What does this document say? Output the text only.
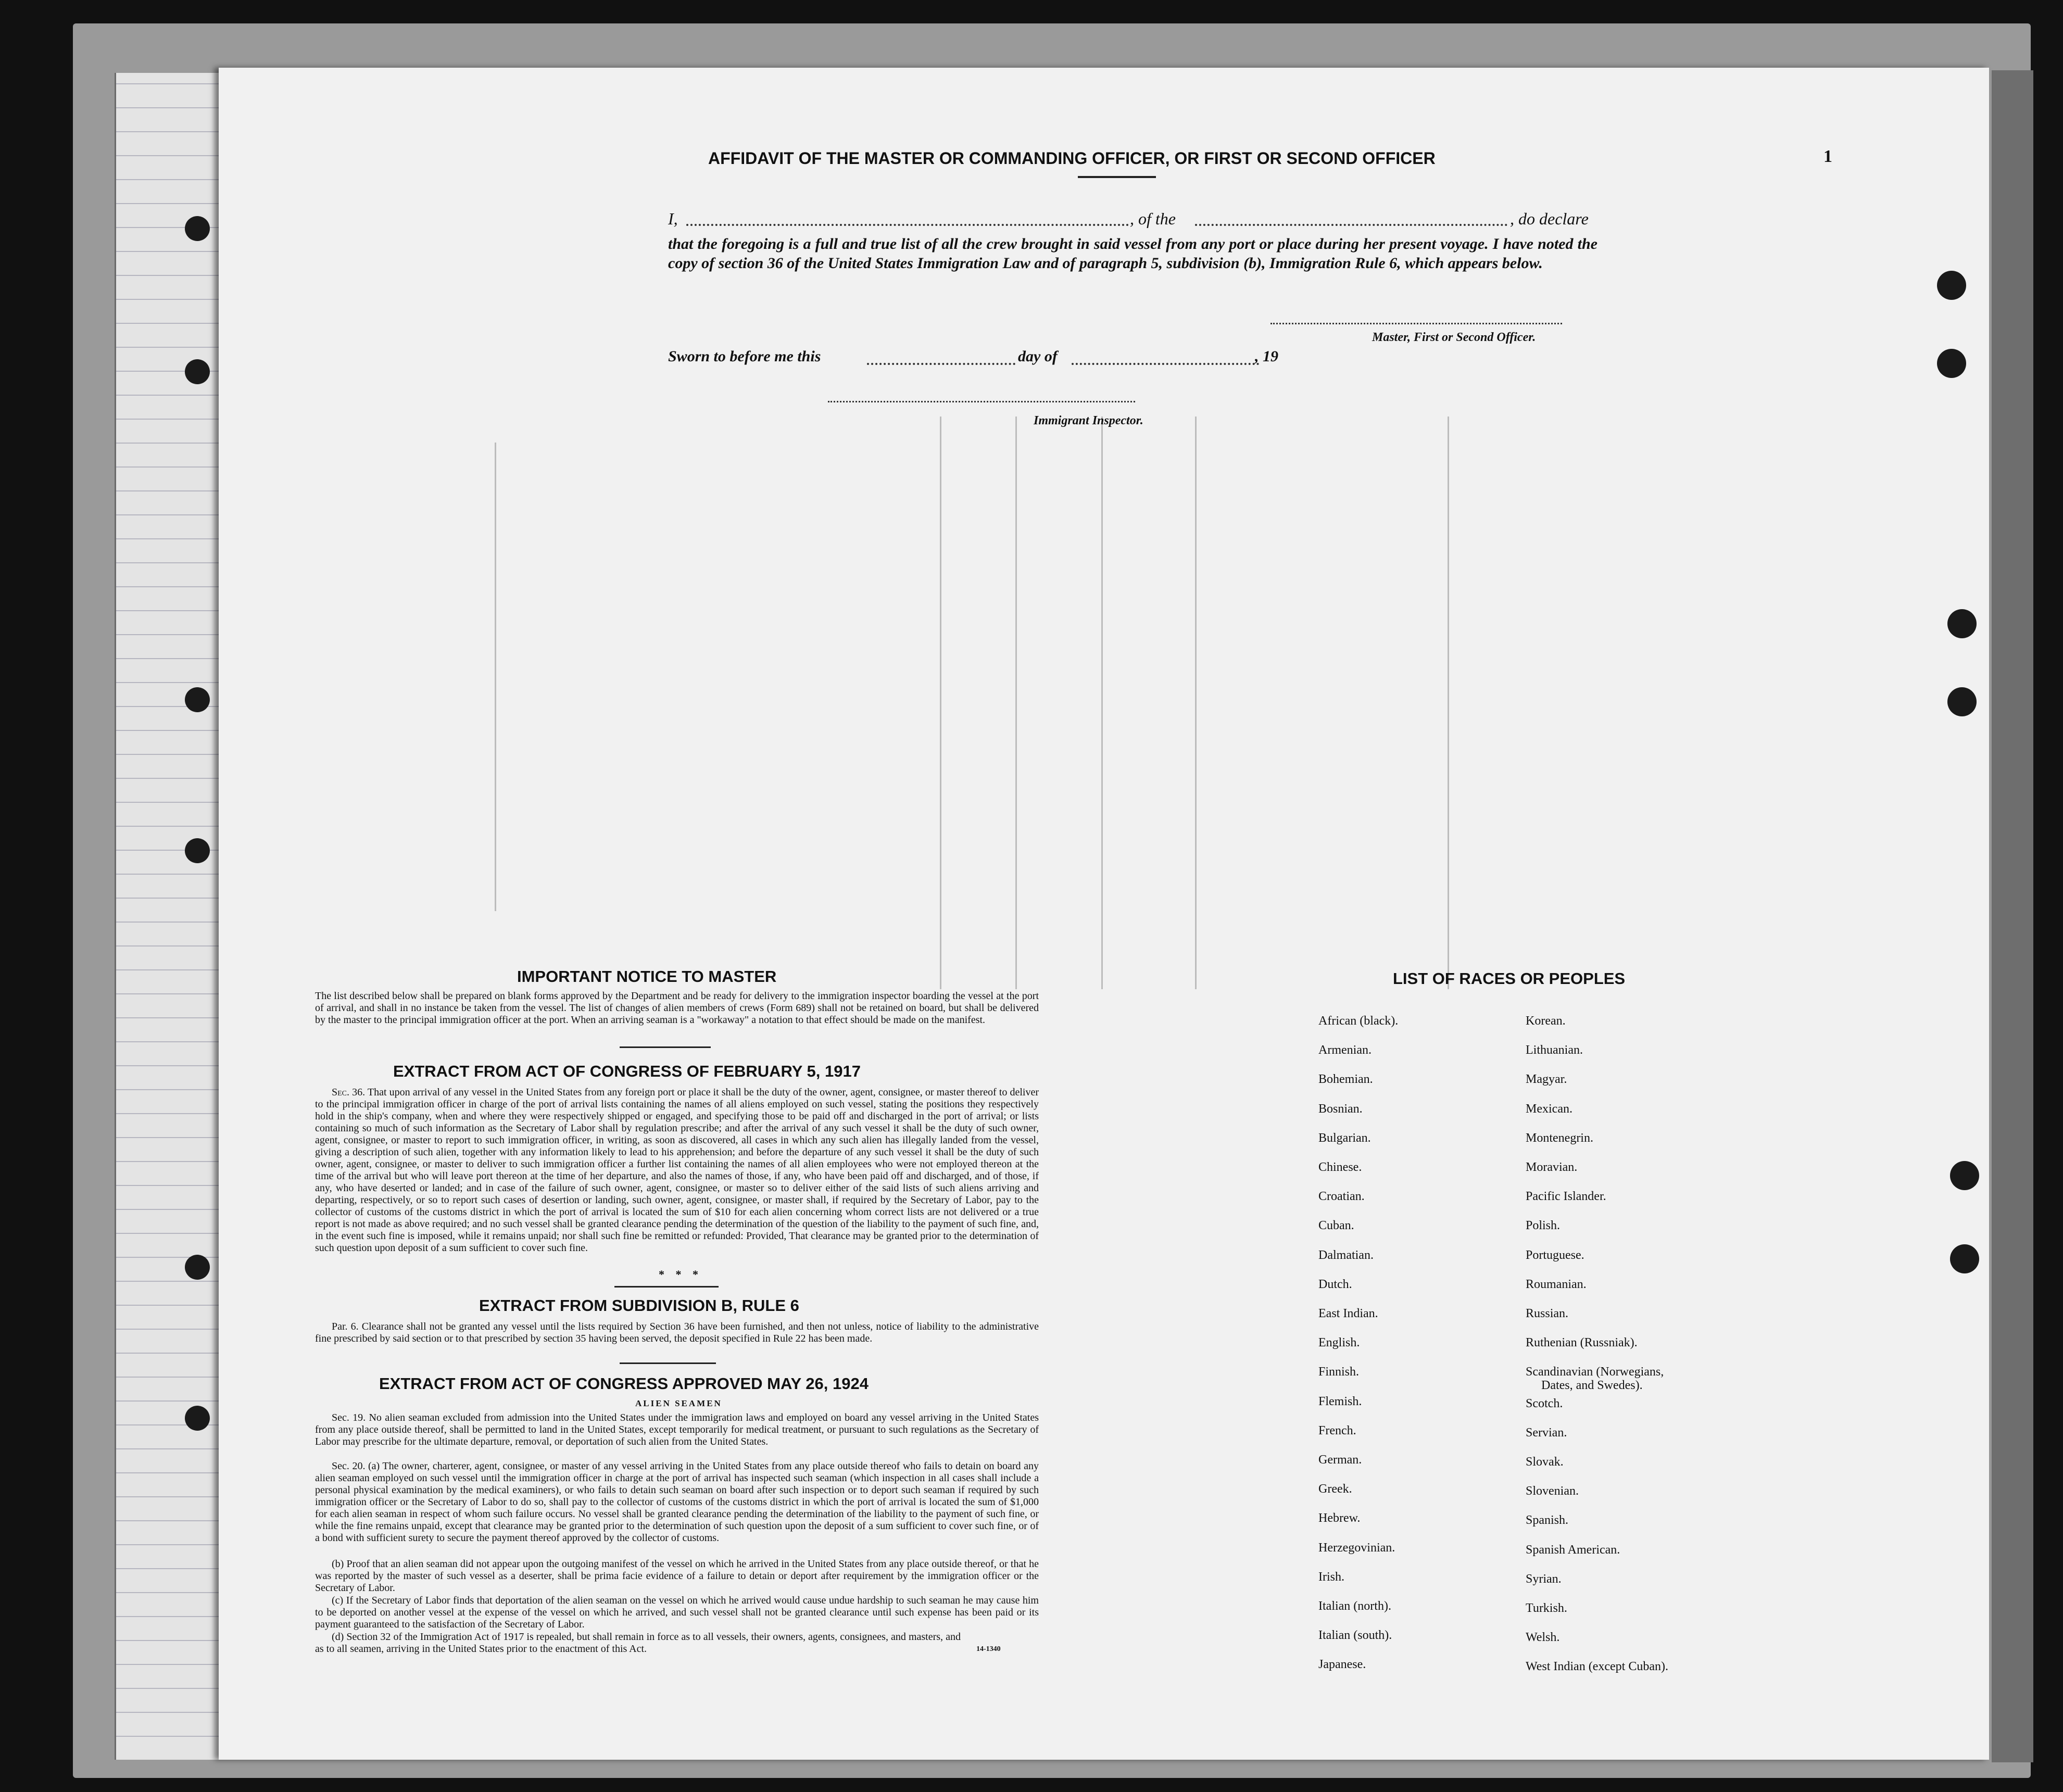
AFFIDAVIT OF THE MASTER OR COMMANDING OFFICER, OR FIRST OR SECOND OFFICER	1
I,	, of the	, do declare
that the foregoing is a full and true list of all the crew brought in said vessel from any port or place during her present voyage. I have noted the copy of section 36 of the United States Immigration Law and of paragraph 5, subdivision (b), Immigration Rule 6, which appears below.
Master, First or Second Officer.
Sworn to before me this	day of	, 19
Immigrant Inspector.
IMPORTANT NOTICE TO MASTER
The list described below shall be prepared on blank forms approved by the Department and be ready for delivery to the immigration inspector boarding the vessel at the port of arrival, and shall in no instance be taken from the vessel. The list of changes of alien members of crews (Form 689) shall not be retained on board, but shall be delivered by the master to the principal immigration officer at the port. When an arriving seaman is a "workaway" a notation to that effect should be made on the manifest.
EXTRACT FROM ACT OF CONGRESS OF FEBRUARY 5, 1917
Sec. 36. That upon arrival of any vessel in the United States from any foreign port or place it shall be the duty of the owner, agent, consignee, or master thereof to deliver to the principal immigration officer in charge of the port of arrival lists containing the names of all aliens employed on such vessel, stating the positions they respectively hold in the ship's company, when and where they were respectively shipped or engaged, and specifying those to be paid off and discharged in the port of arrival; or lists containing so much of such information as the Secretary of Labor shall by regulation prescribe; and after the arrival of any such vessel it shall be the duty of such owner, agent, consignee, or master to report to such immigration officer, in writing, as soon as discovered, all cases in which any such alien has illegally landed from the vessel, giving a description of such alien, together with any information likely to lead to his apprehension; and before the departure of any such vessel it shall be the duty of such owner, agent, consignee, or master to deliver to such immigration officer a further list containing the names of all alien employees who were not employed thereon at the time of the arrival but who will leave port thereon at the time of her departure, and also the names of those, if any, who have been paid off and discharged, and of those, if any, who have deserted or landed; and in case of the failure of such owner, agent, consignee, or master so to deliver either of the said lists of such aliens arriving and departing, respectively, or so to report such cases of desertion or landing, such owner, agent, consignee, or master shall, if required by the Secretary of Labor, pay to the collector of customs of the customs district in which the port of arrival is located the sum of $10 for each alien concerning whom correct lists are not delivered or a true report is not made as above required; and no such vessel shall be granted clearance pending the determination of the question of the liability to the payment of such fine, and, in the event such fine is imposed, while it remains unpaid; nor shall such fine be remitted or refunded: Provided, That clearance may be granted prior to the determination of such question upon deposit of a sum sufficient to cover such fine.
* * *
EXTRACT FROM SUBDIVISION B, RULE 6
Par. 6. Clearance shall not be granted any vessel until the lists required by Section 36 have been furnished, and then not unless, notice of liability to the administrative fine prescribed by said section or to that prescribed by section 35 having been served, the deposit specified in Rule 22 has been made.
EXTRACT FROM ACT OF CONGRESS APPROVED MAY 26, 1924
ALIEN SEAMEN
Sec. 19. No alien seaman excluded from admission into the United States under the immigration laws and employed on board any vessel arriving in the United States from any place outside thereof, shall be permitted to land in the United States, except temporarily for medical treatment, or pursuant to such regulations as the Secretary of Labor may prescribe for the ultimate departure, removal, or deportation of such alien from the United States.
Sec. 20. (a) The owner, charterer, agent, consignee, or master of any vessel arriving in the United States from any place outside thereof who fails to detain on board any alien seaman employed on such vessel until the immigration officer in charge at the port of arrival has inspected such seaman (which inspection in all cases shall include a personal physical examination by the medical examiners), or who fails to detain such seaman on board after such inspection or to deport such seaman if required by such immigration officer or the Secretary of Labor to do so, shall pay to the collector of customs of the customs district in which the port of arrival is located the sum of $1,000 for each alien seaman in respect of whom such failure occurs. No vessel shall be granted clearance pending the determination of the liability to the payment of such fine, or while the fine remains unpaid, except that clearance may be granted prior to the determination of such question upon the deposit of a sum sufficient to cover such fine, or of a bond with sufficient surety to secure the payment thereof approved by the collector of customs.
(b) Proof that an alien seaman did not appear upon the outgoing manifest of the vessel on which he arrived in the United States from any place outside thereof, or that he was reported by the master of such vessel as a deserter, shall be prima facie evidence of a failure to detain or deport after requirement by the immigration officer or the Secretary of Labor.
(c) If the Secretary of Labor finds that deportation of the alien seaman on the vessel on which he arrived would cause undue hardship to such seaman he may cause him to be deported on another vessel at the expense of the vessel on which he arrived, and such vessel shall not be granted clearance until such expense has been paid or its payment guaranteed to the satisfaction of the Secretary of Labor.
(d) Section 32 of the Immigration Act of 1917 is repealed, but shall remain in force as to all vessels, their owners, agents, consignees, and masters, and as to all seamen, arriving in the United States prior to the enactment of this Act.	14-1340
LIST OF RACES OR PEOPLES
African (black).
Armenian.
Bohemian.
Bosnian.
Bulgarian.
Chinese.
Croatian.
Cuban.
Dalmatian.
Dutch.
East Indian.
English.
Finnish.
Flemish.
French.
German.
Greek.
Hebrew.
Herzegovinian.
Irish.
Italian (north).
Italian (south).
Japanese.
Korean.
Lithuanian.
Magyar.
Mexican.
Montenegrin.
Moravian.
Pacific Islander.
Polish.
Portuguese.
Roumanian.
Russian.
Ruthenian (Russniak).
Scandinavian (Norwegians,
Dates, and Swedes).
Scotch.
Servian.
Slovak.
Slovenian.
Spanish.
Spanish American.
Syrian.
Turkish.
Welsh.
West Indian (except Cuban).
